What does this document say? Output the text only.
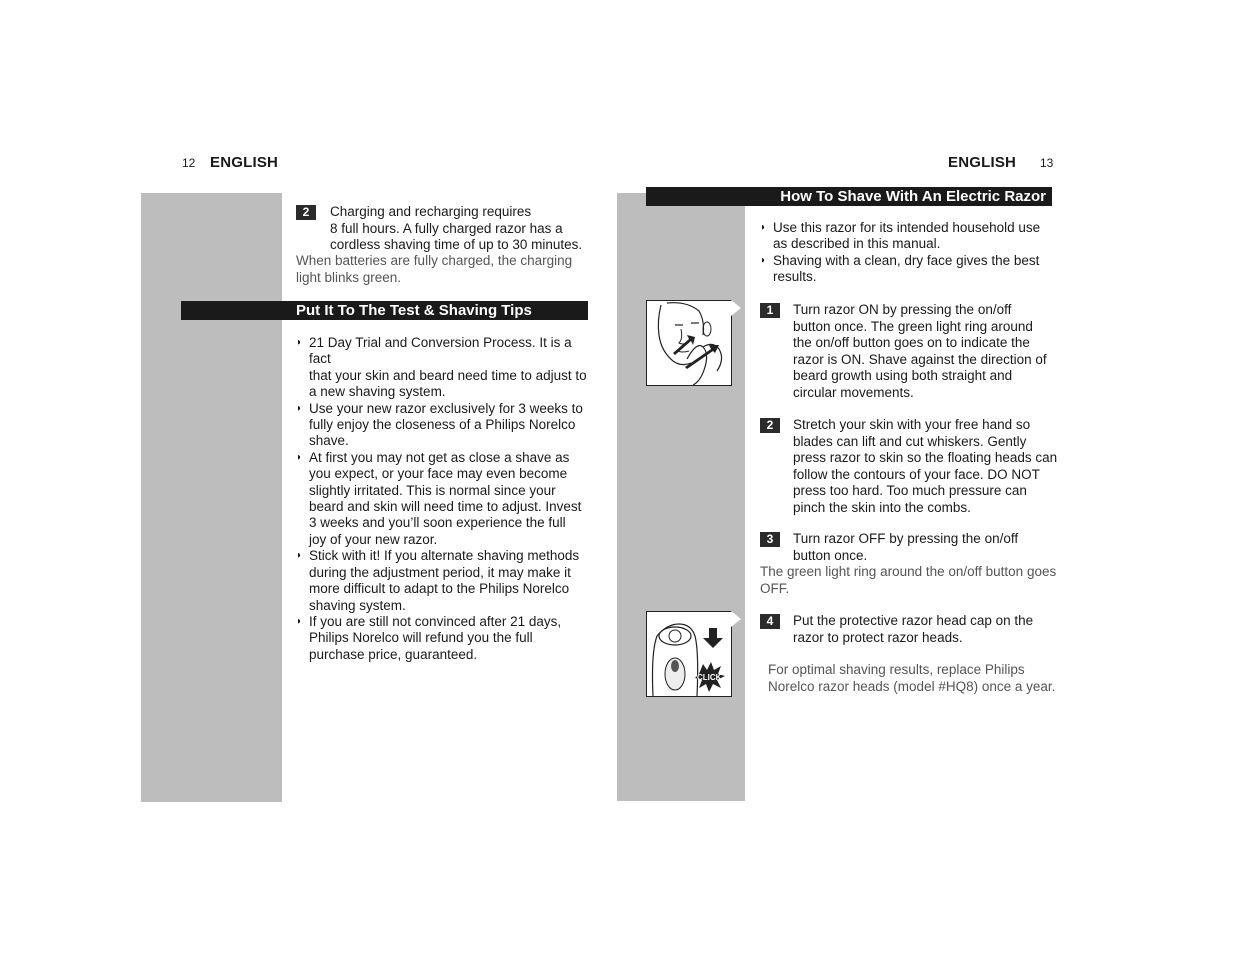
12 ENGLISH
2	Charging and recharging requires
8 full hours. A fully charged razor has a
cordless shaving time of up to 30 minutes.
When batteries are fully charged, the charging
light blinks green.
Put It To The Test & Shaving Tips
◗ 21 Day Trial and Conversion Process. It is a fact
that your skin and beard need time to adjust to
a new shaving system.
◗ Use your new razor exclusively for 3 weeks to
fully enjoy the closeness of a Philips Norelco
shave.
◗ At first you may not get as close a shave as
you expect, or your face may even become
slightly irritated. This is normal since your
beard and skin will need time to adjust. Invest
3 weeks and you’ll soon experience the full
joy of your new razor.
◗ Stick with it! If you alternate shaving methods
during the adjustment period, it may make it
more difficult to adapt to the Philips Norelco
shaving system.
◗ If you are still not convinced after 21 days,
Philips Norelco will refund you the full
purchase price, guaranteed.
ENGLISH 13
How To Shave With An Electric Razor
◗ Use this razor for its intended household use
as described in this manual.
◗ Shaving with a clean, dry face gives the best
results.
1	Turn razor ON by pressing the on/off
button once. The green light ring around
the on/off button goes on to indicate the
razor is ON. Shave against the direction of
beard growth using both straight and
circular movements.
2	Stretch your skin with your free hand so
blades can lift and cut whiskers. Gently
press razor to skin so the floating heads can
follow the contours of your face. DO NOT
press too hard. Too much pressure can
pinch the skin into the combs.
3	Turn razor OFF by pressing the on/off
button once.
The green light ring around the on/off button goes
OFF.
CLICK
4	Put the protective razor head cap on the
razor to protect razor heads.
For optimal shaving results, replace Philips
Norelco razor heads (model #HQ8) once a year.
